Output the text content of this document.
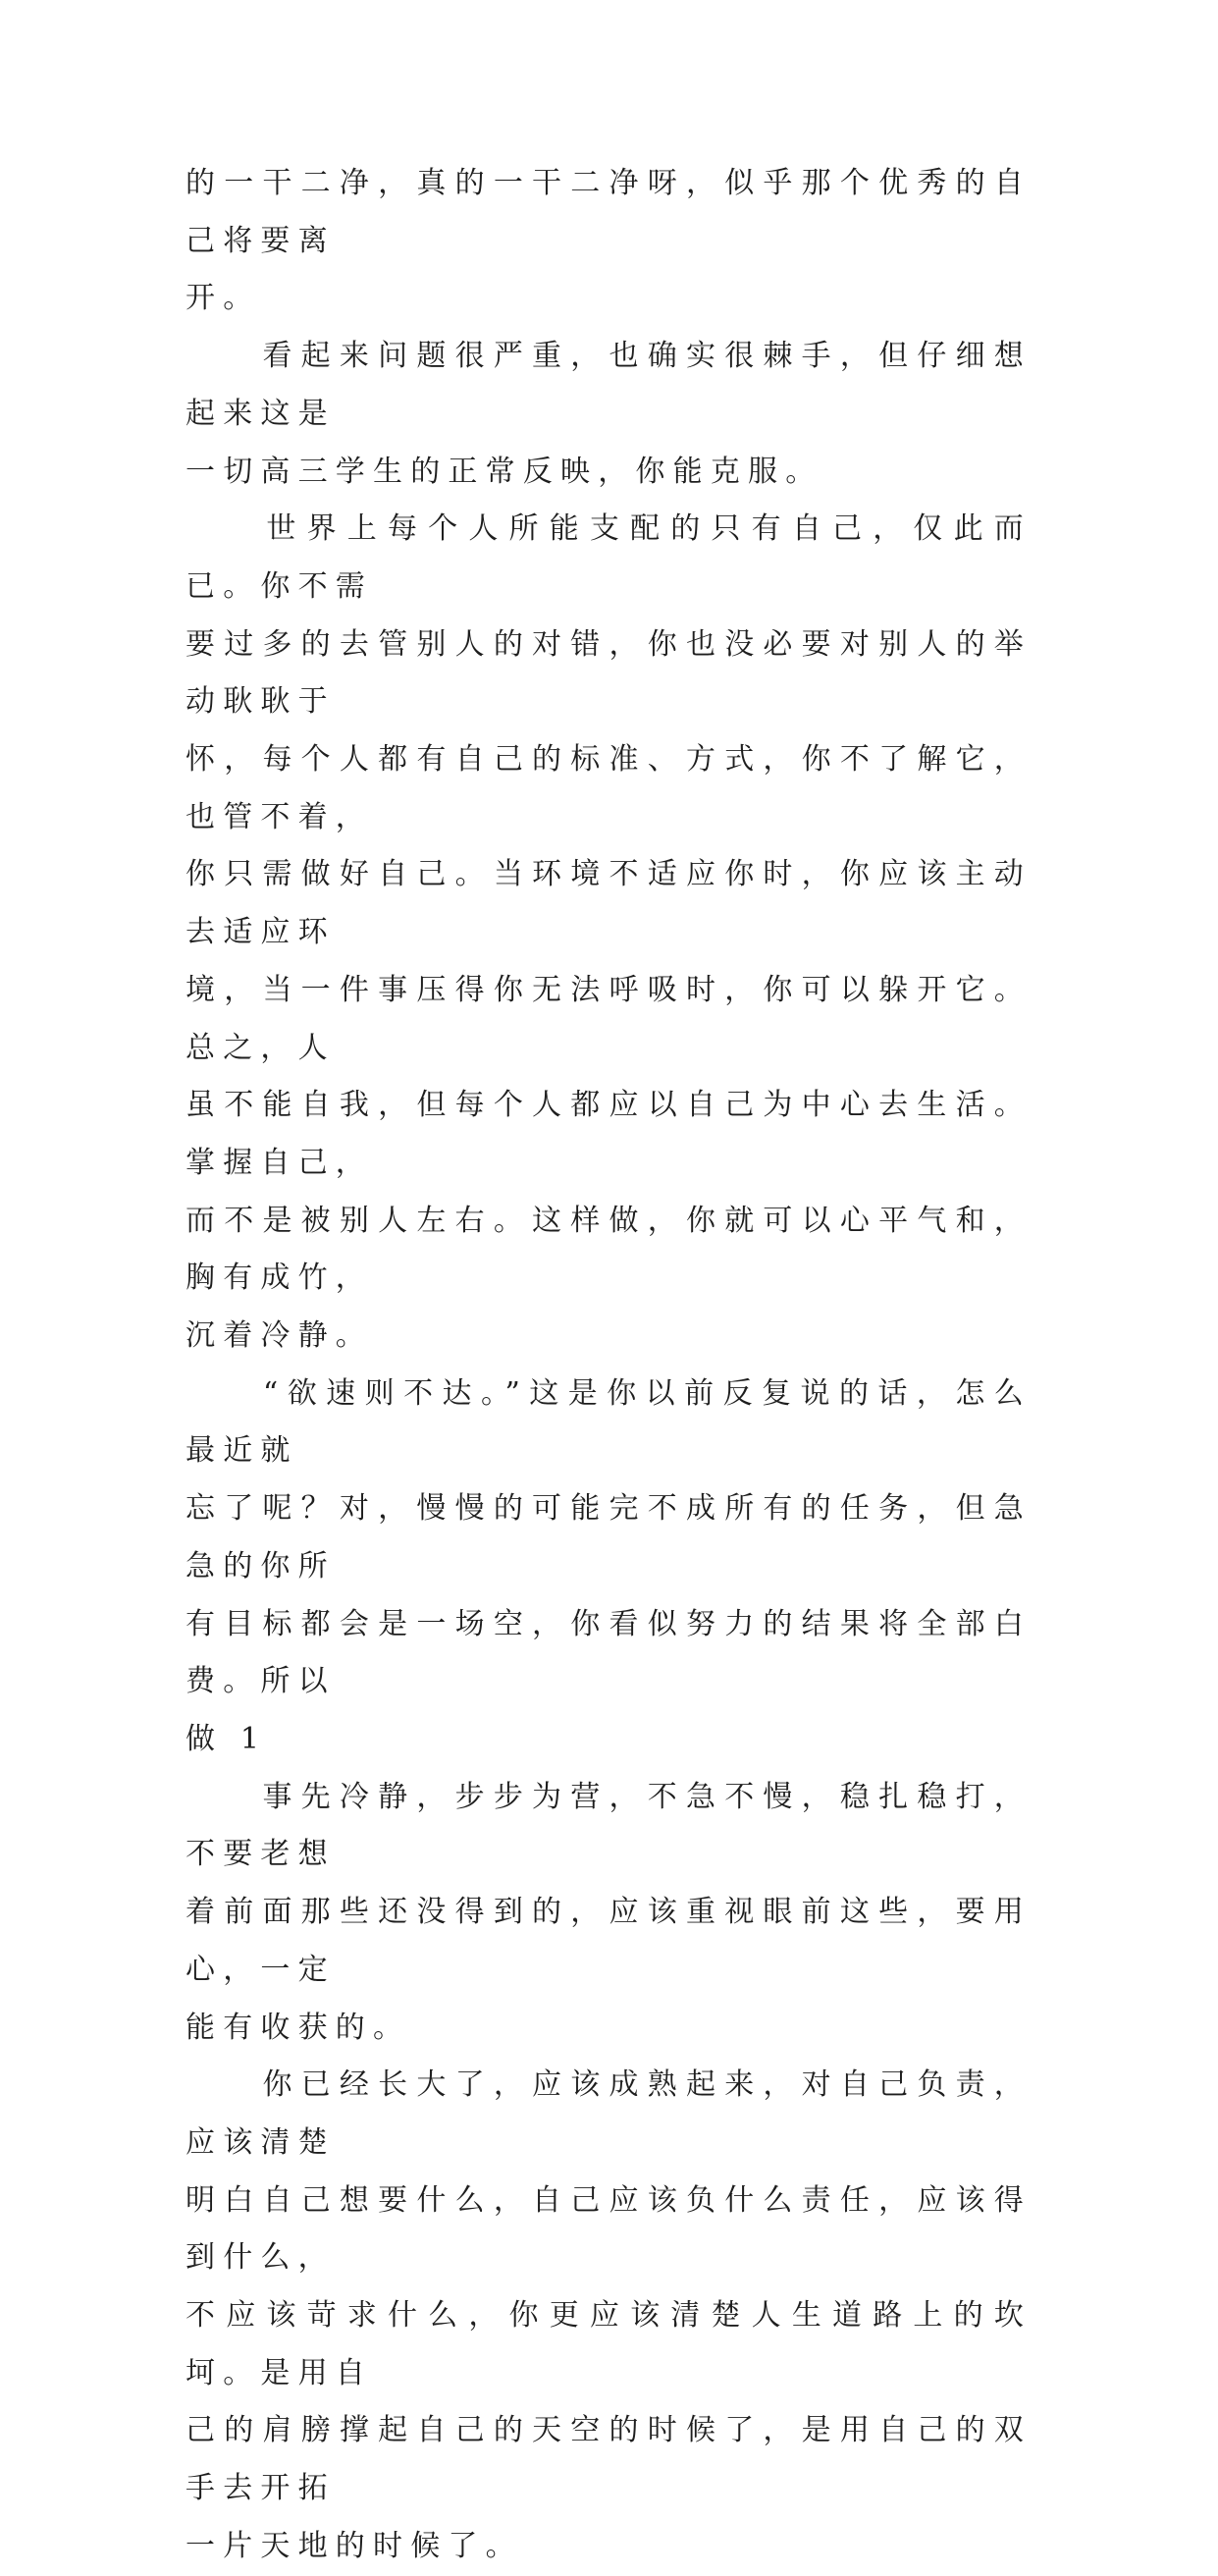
的一干二净，真的一干二净呀，似乎那个优秀的自己将要离
开。

　　看起来问题很严重，也确实很棘手，但仔细想起来这是
一切高三学生的正常反映，你能克服。

　　世界上每个人所能支配的只有自己，仅此而已。你不需
要过多的去管别人的对错，你也没必要对别人的举动耿耿于
怀，每个人都有自己的标准、方式，你不了解它，也管不着，
你只需做好自己。当环境不适应你时，你应该主动去适应环
境，当一件事压得你无法呼吸时，你可以躲开它。总之，人
虽不能自我，但每个人都应以自己为中心去生活。掌握自己，
而不是被别人左右。这样做，你就可以心平气和，胸有成竹，
沉着冷静。

　　“欲速则不达。”这是你以前反复说的话，怎么最近就
忘了呢？对，慢慢的可能完不成所有的任务，但急急的你所
有目标都会是一场空，你看似努力的结果将全部白费。所以
做 1

　　事先冷静，步步为营，不急不慢，稳扎稳打，不要老想
着前面那些还没得到的，应该重视眼前这些，要用心，一定
能有收获的。

　　你已经长大了，应该成熟起来，对自己负责，应该清楚
明白自己想要什么，自己应该负什么责任，应该得到什么，
不应该苛求什么，你更应该清楚人生道路上的坎坷。是用自
己的肩膀撑起自己的天空的时候了，是用自己的双手去开拓
一片天地的时候了。
